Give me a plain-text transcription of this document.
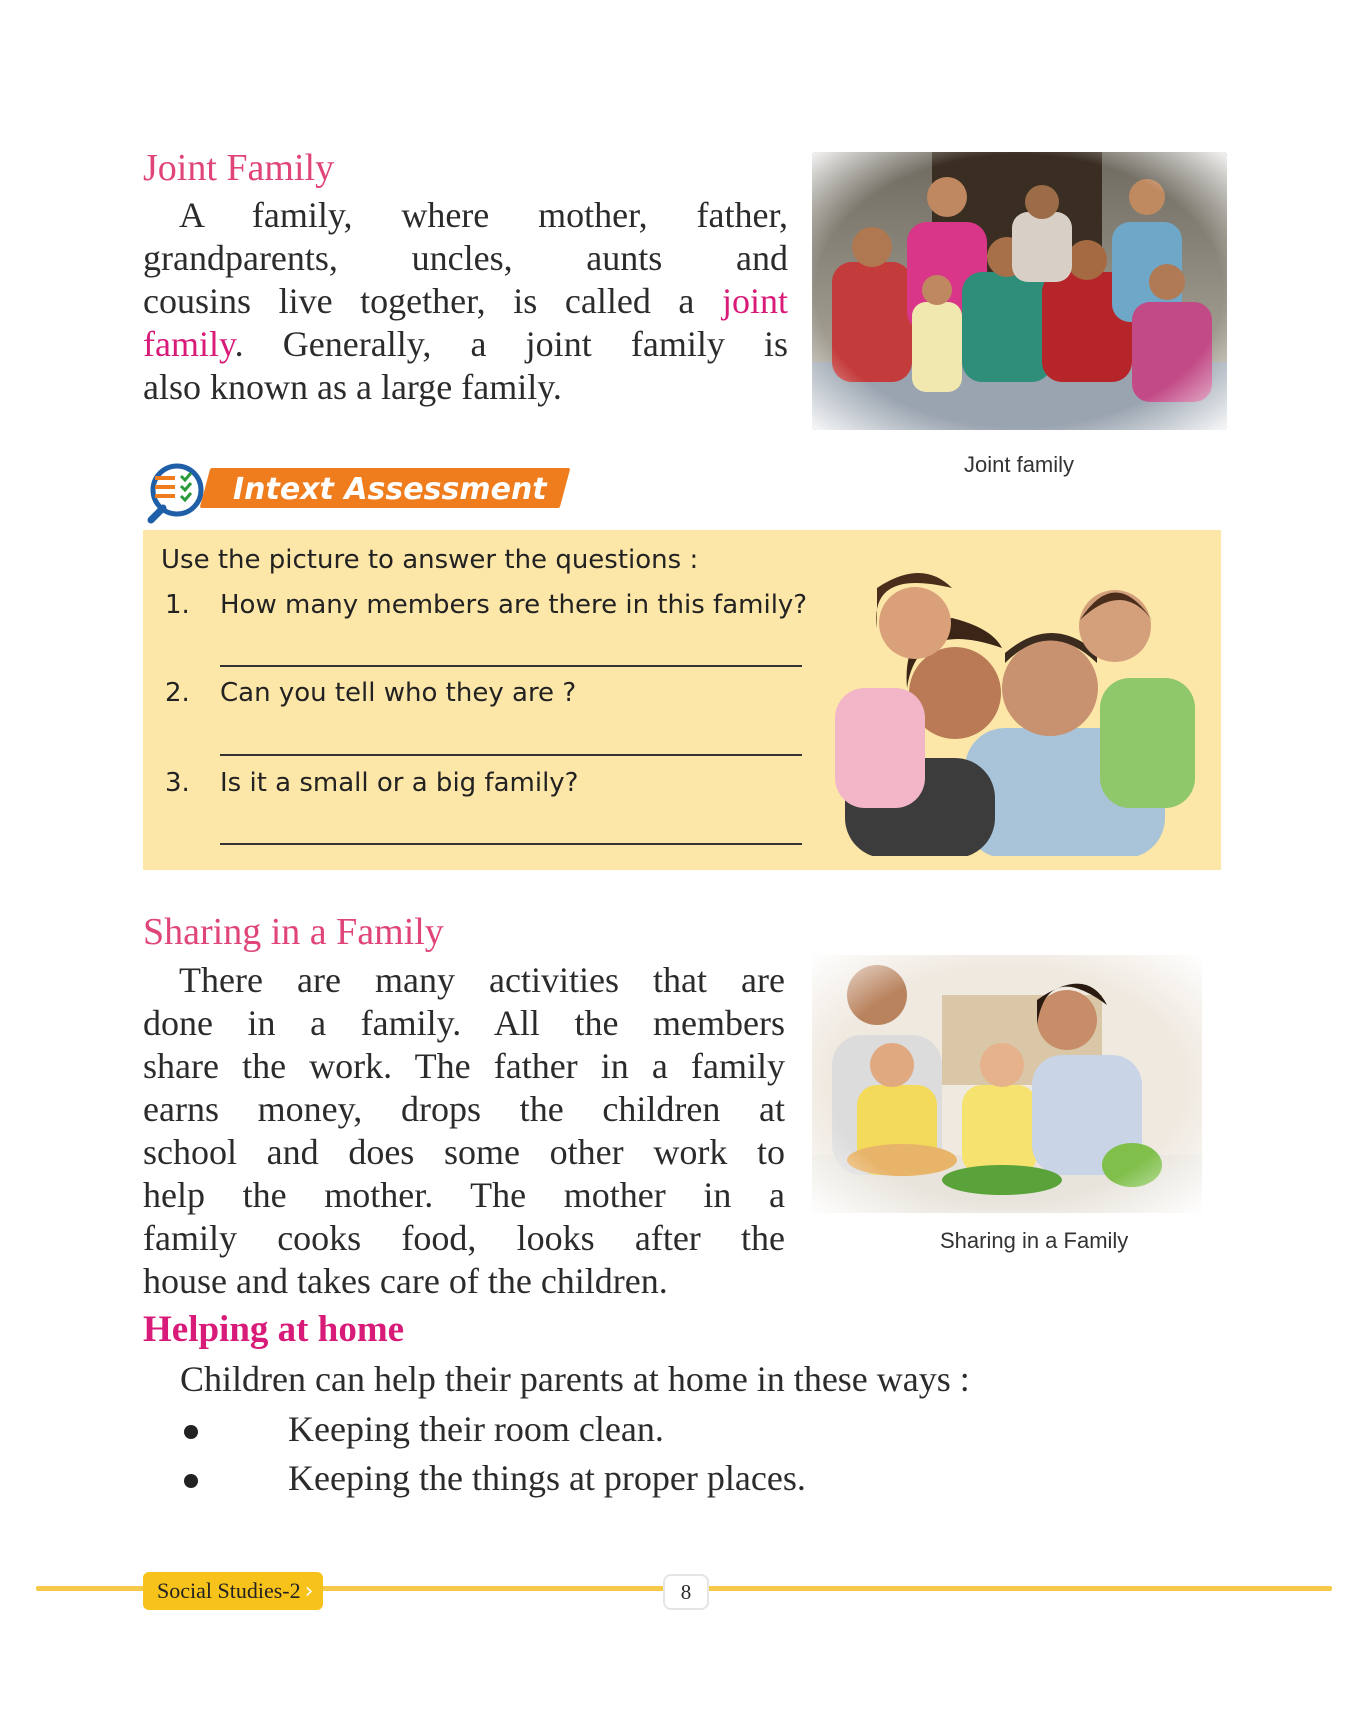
Joint Family
A family, where mother, father,
grandparents, uncles, aunts and
cousins live together, is called a joint
family. Generally, a joint family is
also known as a large family.
Joint family
Intext Assessment
Use the picture to answer the questions :
1. How many members are there in this family?
2. Can you tell who they are ?
3. Is it a small or a big family?
Sharing in a Family
There are many activities that are
done in a family. All the members
share the work. The father in a family
earns money, drops the children at
school and does some other work to
help the mother. The mother in a
family cooks food, looks after the
house and takes care of the children.
Sharing in a Family
Helping at home
Children can help their parents at home in these ways :
Keeping their room clean.
Keeping the things at proper places.
Social Studies-2 ›	8
